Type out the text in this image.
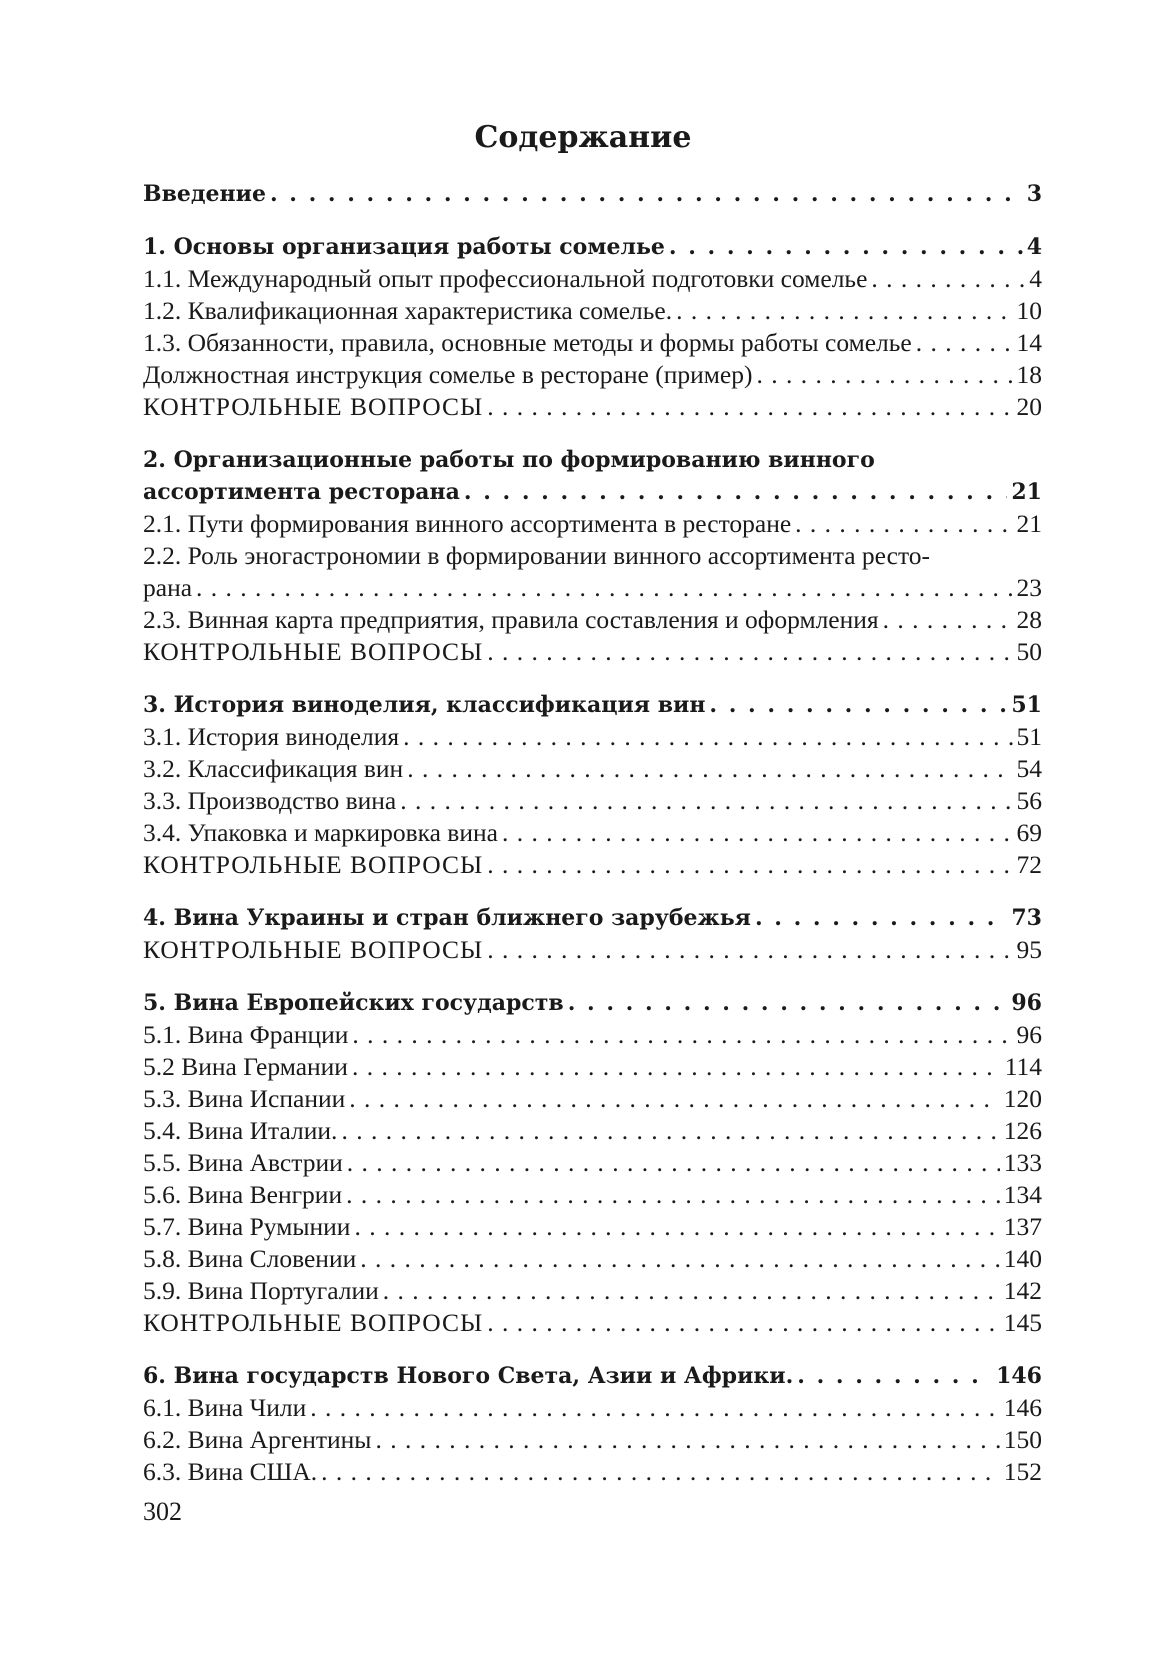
Содержание
Введение . . .	3
1. Основы организация работы сомелье . . .	4
1.1. Международный опыт профессиональной подготовки сомелье . . .	4
1.2. Квалификационная характеристика сомелье. . . .	10
1.3. Обязанности, правила, основные методы и формы работы сомелье . . .	14
Должностная инструкция сомелье в ресторане (пример) . . .	18
КОНТРОЛЬНЫЕ ВОПРОСЫ . . .	20
2. Организационные работы по формированию винного
ассортимента ресторана . . .	21
2.1. Пути формирования винного ассортимента в ресторане . . .	21
2.2. Роль эногастрономии в формировании винного ассортимента ресто-
рана . . .	23
2.3. Винная карта предприятия, правила составления и оформления . . .	28
КОНТРОЛЬНЫЕ ВОПРОСЫ . . .	50
3. История виноделия, классификация вин . . .	51
3.1. История виноделия . . .	51
3.2. Классификация вин . . .	54
3.3. Производство вина . . .	56
3.4. Упаковка и маркировка вина . . .	69
КОНТРОЛЬНЫЕ ВОПРОСЫ . . .	72
4. Вина Украины и стран ближнего зарубежья . . .	73
КОНТРОЛЬНЫЕ ВОПРОСЫ . . .	95
5. Вина Европейских государств . . .	96
5.1. Вина Франции . . .	96
5.2 Вина Германии . . .	114
5.3. Вина Испании . . .	120
5.4. Вина Италии. . . .	126
5.5. Вина Австрии . . .	133
5.6. Вина Венгрии . . .	134
5.7. Вина Румынии . . .	137
5.8. Вина Словении . . .	140
5.9. Вина Португалии . . .	142
КОНТРОЛЬНЫЕ ВОПРОСЫ . . .	145
6. Вина государств Нового Света, Азии и Африки. . . .	146
6.1. Вина Чили . . .	146
6.2. Вина Аргентины . . .	150
6.3. Вина США. . . .	152
302
